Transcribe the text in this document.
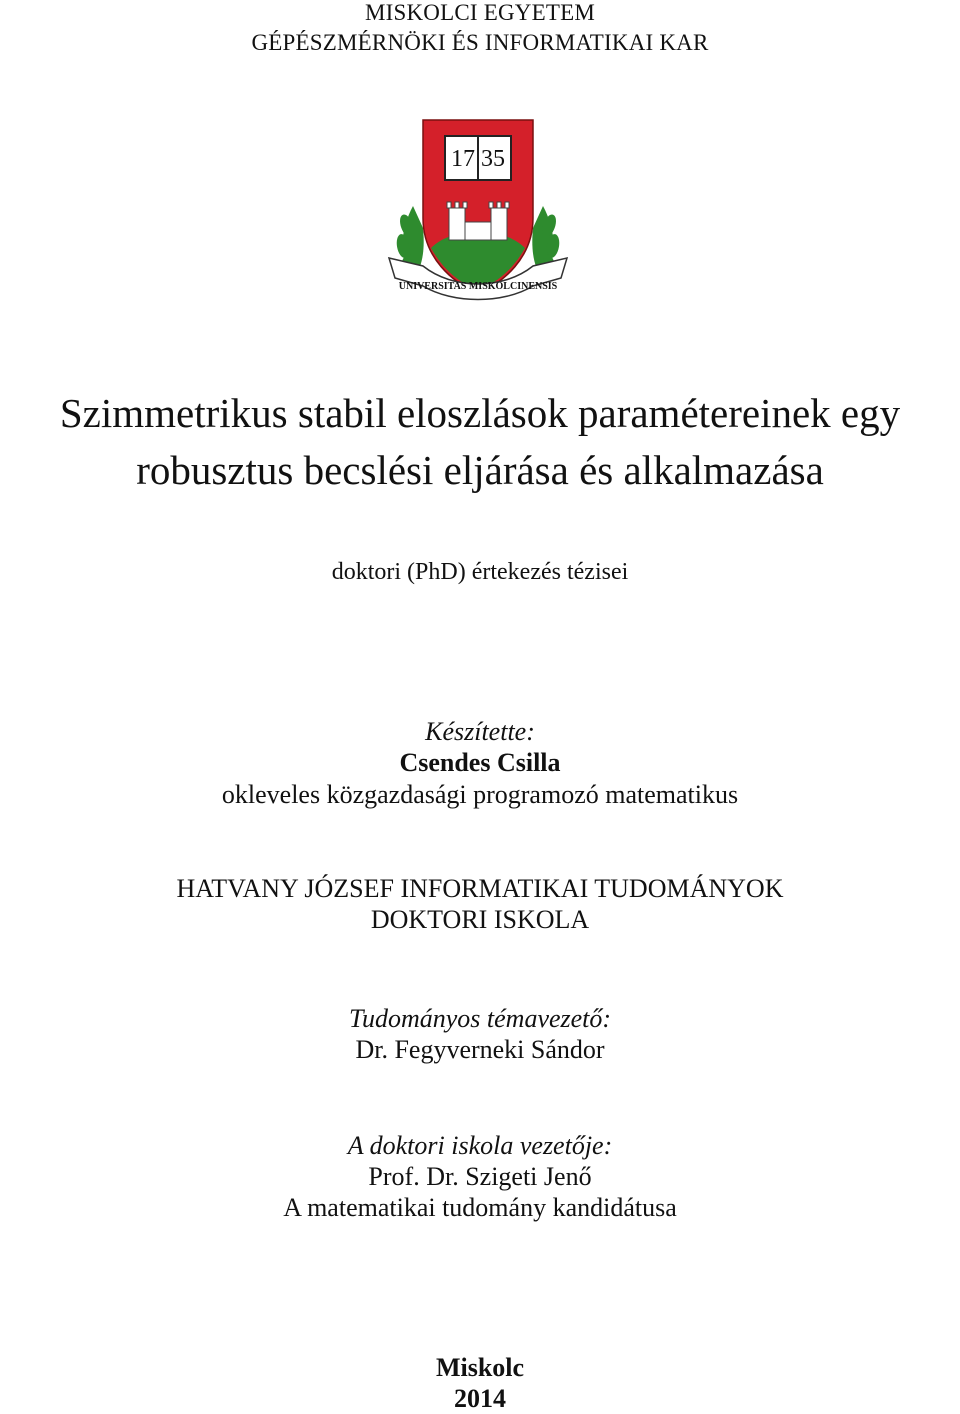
MISKOLCI EGYETEM
GÉPÉSZMÉRNÖKI ÉS INFORMATIKAI KAR
17 35
UNIVERSITAS MISKOLCINENSIS
Szimmetrikus stabil eloszlások paramétereinek egy
robusztus becslési eljárása és alkalmazása
doktori (PhD) értekezés tézisei
Készítette:
Csendes Csilla
okleveles közgazdasági programozó matematikus
HATVANY JÓZSEF INFORMATIKAI TUDOMÁNYOK
DOKTORI ISKOLA
Tudományos témavezető:
Dr. Fegyverneki Sándor
A doktori iskola vezetője:
Prof. Dr. Szigeti Jenő
A matematikai tudomány kandidátusa
Miskolc
2014
